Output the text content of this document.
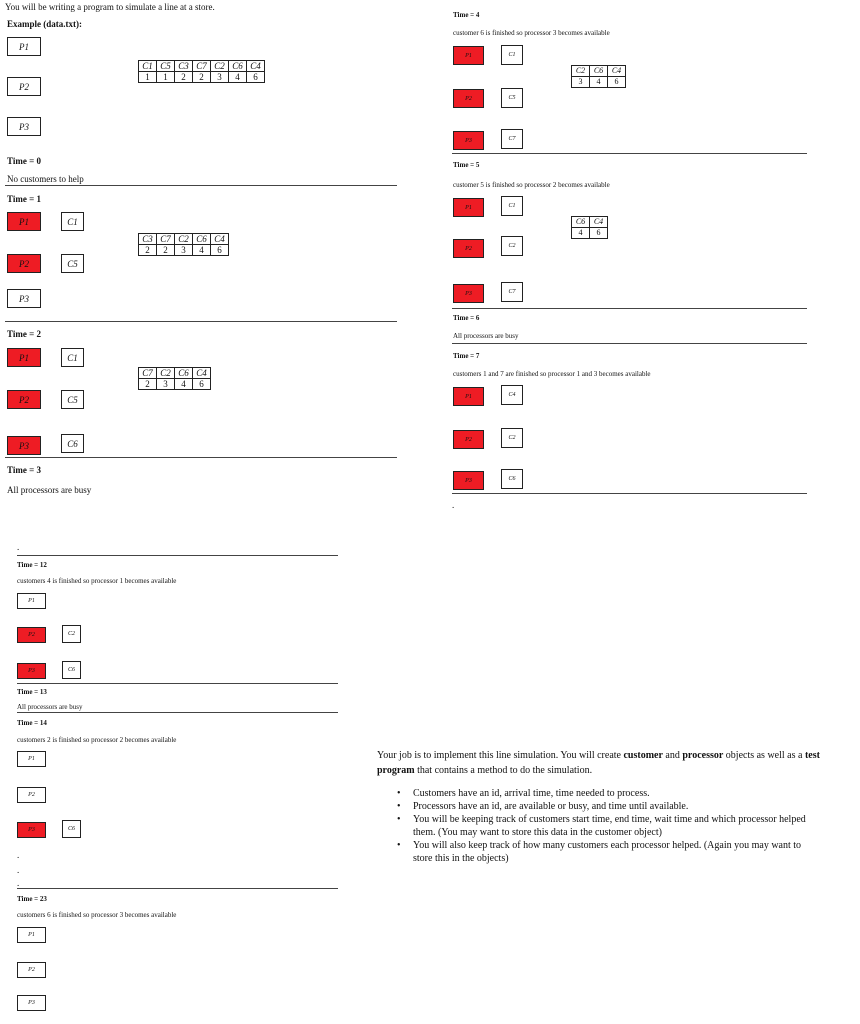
You will be writing a program to simulate a line at a store.
Example (data.txt):
P1
P2
P3
C1	C5	C3	C7	C2	C6	C4
1	1	2	2	3	4	6
Time = 0
No customers to help
Time = 1
P1	C1
P2	C5
P3
C3	C7	C2	C6	C4
2	2	3	4	6
Time = 2
P1	C1
P2	C5
P3	C6
C7	C2	C6	C4
2	3	4	6
Time = 3
All processors are busy
Time = 4
customer 6 is finished so processor 3 becomes available
P1	C1
P2	C5
P3	C7
C2	C6	C4
3	4	6
Time = 5
customer 5 is finished so processor 2 becomes available
P1	C1
P2	C2
P3	C7
C6	C4
4	6
Time = 6
All processors are busy
Time = 7
customers 1 and 7 are finished so processor 1 and 3 becomes available
P1	C4
P2	C2
P3	C6
.
.
Time = 12
customers 4 is finished so processor 1 becomes available
P1
P2	C2
P3	C6
Time = 13
All processors are busy
Time = 14
customers 2 is finished so processor 2 becomes available
P1
P2
P3	C6
.
.
.
Time = 23
customers 6 is finished so processor 3 becomes available
P1
P2
P3
Your job is to implement this line simulation. You will create customer and processor objects as well as a test program that contains a method to do the simulation.
• Customers have an id, arrival time, time needed to process.
• Processors have an id, are available or busy, and time until available.
• You will be keeping track of customers start time, end time, wait time and which processor helped them. (You may want to store this data in the customer object)
• You will also keep track of how many customers each processor helped. (Again you may want to store this in the objects)
